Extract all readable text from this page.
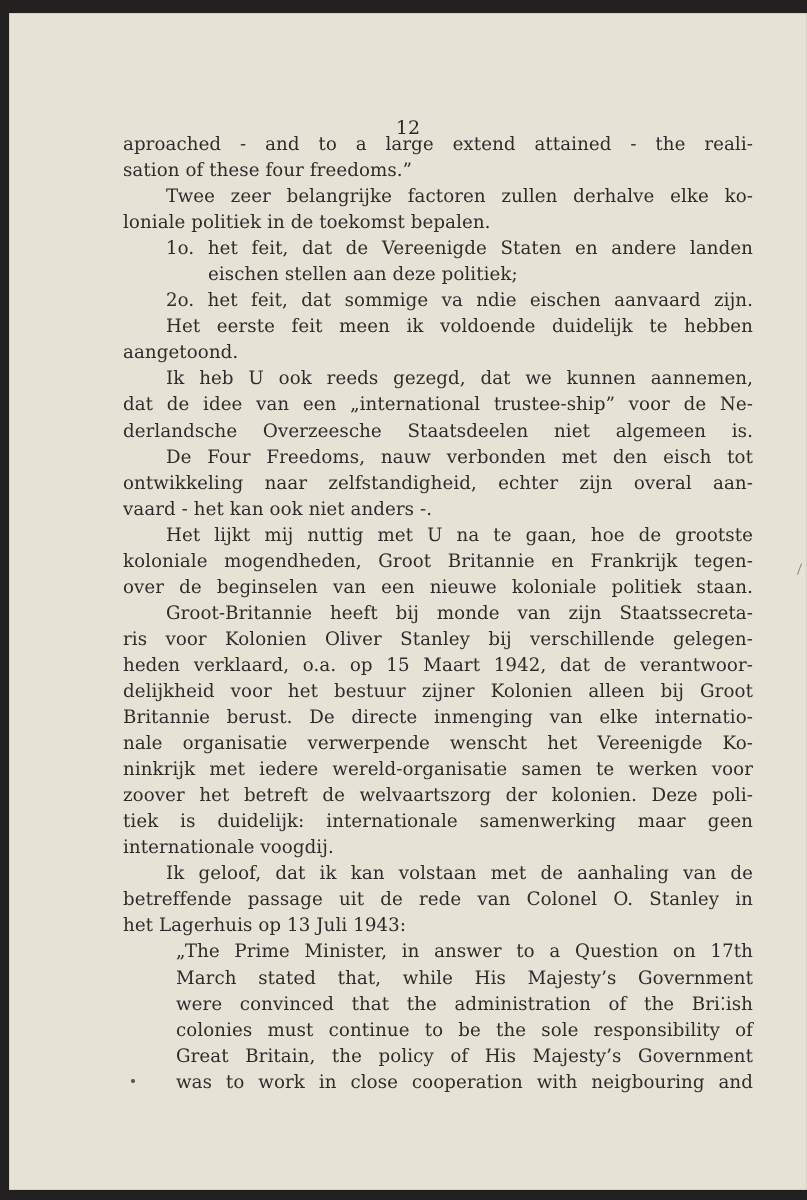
12
aproached - and to a large extend attained - the reali-
sation of these four freedoms.”
Twee zeer belangrijke factoren zullen derhalve elke ko-
loniale politiek in de toekomst bepalen.
1o. het feit, dat de Vereenigde Staten en andere landen
eischen stellen aan deze politiek;
2o. het feit, dat sommige va ndie eischen aanvaard zijn.
Het eerste feit meen ik voldoende duidelijk te hebben
aangetoond.
Ik heb U ook reeds gezegd, dat we kunnen aannemen,
dat de idee van een „international trustee-ship” voor de Ne-
derlandsche Overzeesche Staatsdeelen niet algemeen is.
De Four Freedoms, nauw verbonden met den eisch tot
ontwikkeling naar zelfstandigheid, echter zijn overal aan-
vaard - het kan ook niet anders -.
Het lijkt mij nuttig met U na te gaan, hoe de grootste
koloniale mogendheden, Groot Britannie en Frankrijk tegen-
over de beginselen van een nieuwe koloniale politiek staan.
Groot-Britannie heeft bij monde van zijn Staatssecreta-
ris voor Kolonien Oliver Stanley bij verschillende gelegen-
heden verklaard, o.a. op 15 Maart 1942, dat de verantwoor-
delijkheid voor het bestuur zijner Kolonien alleen bij Groot
Britannie berust. De directe inmenging van elke internatio-
nale organisatie verwerpende wenscht het Vereenigde Ko-
ninkrijk met iedere wereld-organisatie samen te werken voor
zoover het betreft de welvaartszorg der kolonien. Deze poli-
tiek is duidelijk: internationale samenwerking maar geen
internationale voogdij.
Ik geloof, dat ik kan volstaan met de aanhaling van de
betreffende passage uit de rede van Colonel O. Stanley in
het Lagerhuis op 13 Juli 1943:
„The Prime Minister, in answer to a Question on 17th
March stated that, while His Majesty’s Government
were convinced that the administration of the Bri⁚ish
colonies must continue to be the sole responsibility of
Great Britain, the policy of His Majesty’s Government
was to work in close cooperation with neigbouring and
